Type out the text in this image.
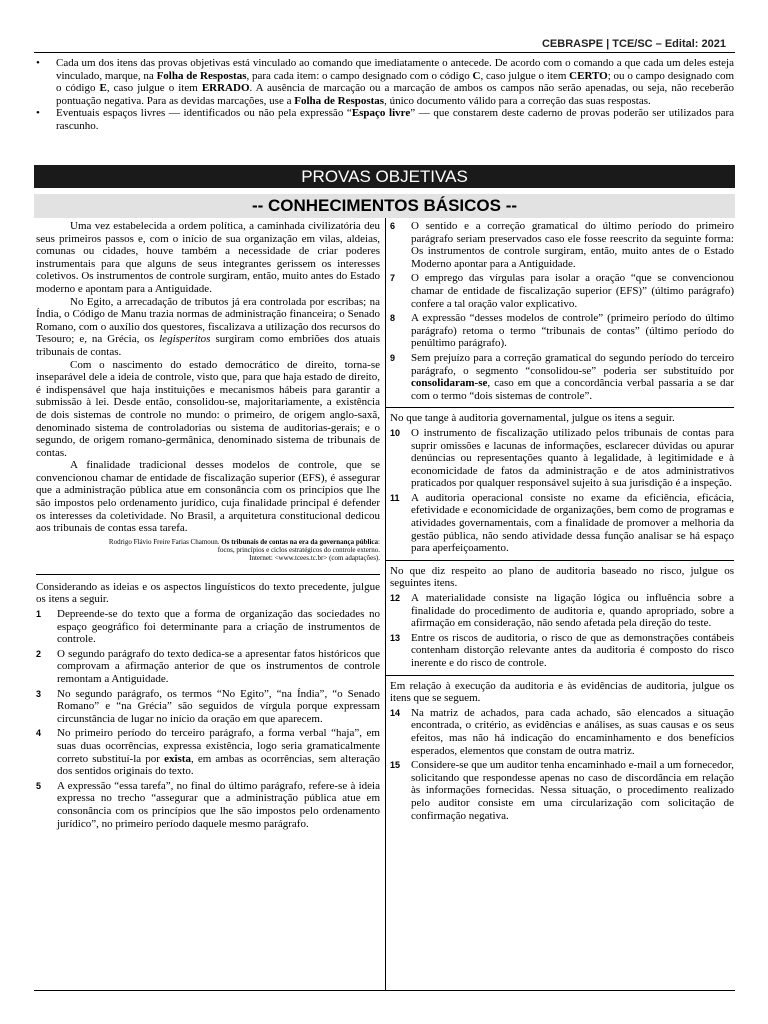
CEBRASPE | TCE/SC – Edital: 2021
• Cada um dos itens das provas objetivas está vinculado ao comando que imediatamente o antecede. De acordo com o comando a que cada um deles esteja vinculado, marque, na Folha de Respostas, para cada item: o campo designado com o código C, caso julgue o item CERTO; ou o campo designado com o código E, caso julgue o item ERRADO. A ausência de marcação ou a marcação de ambos os campos não serão apenadas, ou seja, não receberão pontuação negativa. Para as devidas marcações, use a Folha de Respostas, único documento válido para a correção das suas respostas.
• Eventuais espaços livres — identificados ou não pela expressão “Espaço livre” — que constarem deste caderno de provas poderão ser utilizados para rascunho.
PROVAS OBJETIVAS
-- CONHECIMENTOS BÁSICOS --

Uma vez estabelecida a ordem política, a caminhada civilizatória deu seus primeiros passos e, com o início de sua organização em vilas, aldeias, comunas ou cidades, houve também a necessidade de criar poderes instrumentais para que alguns de seus integrantes gerissem os interesses coletivos. Os instrumentos de controle surgiram, então, muito antes do Estado moderno e apontam para a Antiguidade.

No Egito, a arrecadação de tributos já era controlada por escribas; na Índia, o Código de Manu trazia normas de administração financeira; o Senado Romano, com o auxílio dos questores, fiscalizava a utilização dos recursos do Tesouro; e, na Grécia, os legisperitos surgiram como embriões dos atuais tribunais de contas.

Com o nascimento do estado democrático de direito, torna-se inseparável dele a ideia de controle, visto que, para que haja estado de direito, é indispensável que haja instituições e mecanismos hábeis para garantir a submissão à lei. Desde então, consolidou-se, majoritariamente, a existência de dois sistemas de controle no mundo: o primeiro, de origem anglo-saxã, denominado sistema de controladorias ou sistema de auditorias-gerais; e o segundo, de origem romano-germânica, denominado sistema de tribunais de contas.

A finalidade tradicional desses modelos de controle, que se convencionou chamar de entidade de fiscalização superior (EFS), é assegurar que a administração pública atue em consonância com os princípios que lhe são impostos pelo ordenamento jurídico, cuja finalidade principal é defender os interesses da coletividade. No Brasil, a arquitetura constitucional dedicou aos tribunais de contas essa tarefa.

Rodrigo Flávio Freire Farias Chamoun. Os tribunais de contas na era da governança pública:
focos, princípios e ciclos estratégicos do controle externo.
Internet: <www.tcees.tc.br> (com adaptações).

Considerando as ideias e os aspectos linguísticos do texto precedente, julgue os itens a seguir.

1 Depreende-se do texto que a forma de organização das sociedades no espaço geográfico foi determinante para a criação de instrumentos de controle.
2 O segundo parágrafo do texto dedica-se a apresentar fatos históricos que comprovam a afirmação anterior de que os instrumentos de controle remontam a Antiguidade.
3 No segundo parágrafo, os termos “No Egito”, “na Índia”, “o Senado Romano” e “na Grécia” são seguidos de vírgula porque expressam circunstância de lugar no início da oração em que aparecem.
4 No primeiro período do terceiro parágrafo, a forma verbal “haja”, em suas duas ocorrências, expressa existência, logo seria gramaticalmente correto substituí-la por exista, em ambas as ocorrências, sem alteração dos sentidos originais do texto.
5 A expressão “essa tarefa”, no final do último parágrafo, refere-se à ideia expressa no trecho “assegurar que a administração pública atue em consonância com os princípios que lhe são impostos pelo ordenamento jurídico”, no primeiro período daquele mesmo parágrafo.
6 O sentido e a correção gramatical do último período do primeiro parágrafo seriam preservados caso ele fosse reescrito da seguinte forma: Os instrumentos de controle surgiram, então, muito antes de o Estado Moderno apontar para a Antiguidade.
7 O emprego das vírgulas para isolar a oração “que se convencionou chamar de entidade de fiscalização superior (EFS)” (último parágrafo) confere a tal oração valor explicativo.
8 A expressão “desses modelos de controle” (primeiro período do último parágrafo) retoma o termo “tribunais de contas” (último período do penúltimo parágrafo).
9 Sem prejuízo para a correção gramatical do segundo período do terceiro parágrafo, o segmento “consolidou-se” poderia ser substituído por consolidaram-se, caso em que a concordância verbal passaria a se dar com o termo “dois sistemas de controle”.

No que tange à auditoria governamental, julgue os itens a seguir.

10 O instrumento de fiscalização utilizado pelos tribunais de contas para suprir omissões e lacunas de informações, esclarecer dúvidas ou apurar denúncias ou representações quanto à legalidade, à legitimidade e à economicidade de fatos da administração e de atos administrativos praticados por qualquer responsável sujeito à sua jurisdição é a inspeção.
11 A auditoria operacional consiste no exame da eficiência, eficácia, efetividade e economicidade de organizações, bem como de programas e atividades governamentais, com a finalidade de promover a melhoria da gestão pública, não sendo atividade dessa função analisar se há espaço para aperfeiçoamento.

No que diz respeito ao plano de auditoria baseado no risco, julgue os seguintes itens.

12 A materialidade consiste na ligação lógica ou influência sobre a finalidade do procedimento de auditoria e, quando apropriado, sobre a afirmação em consideração, não sendo afetada pela direção do teste.
13 Entre os riscos de auditoria, o risco de que as demonstrações contábeis contenham distorção relevante antes da auditoria é composto do risco inerente e do risco de controle.

Em relação à execução da auditoria e às evidências de auditoria, julgue os itens que se seguem.

14 Na matriz de achados, para cada achado, são elencados a situação encontrada, o critério, as evidências e análises, as suas causas e os seus efeitos, mas não há indicação do encaminhamento e dos benefícios esperados, elementos que constam de outra matriz.
15 Considere-se que um auditor tenha encaminhado e-mail a um fornecedor, solicitando que respondesse apenas no caso de discordância em relação às informações fornecidas. Nessa situação, o procedimento realizado pelo auditor consiste em uma circularização com solicitação de confirmação negativa.
